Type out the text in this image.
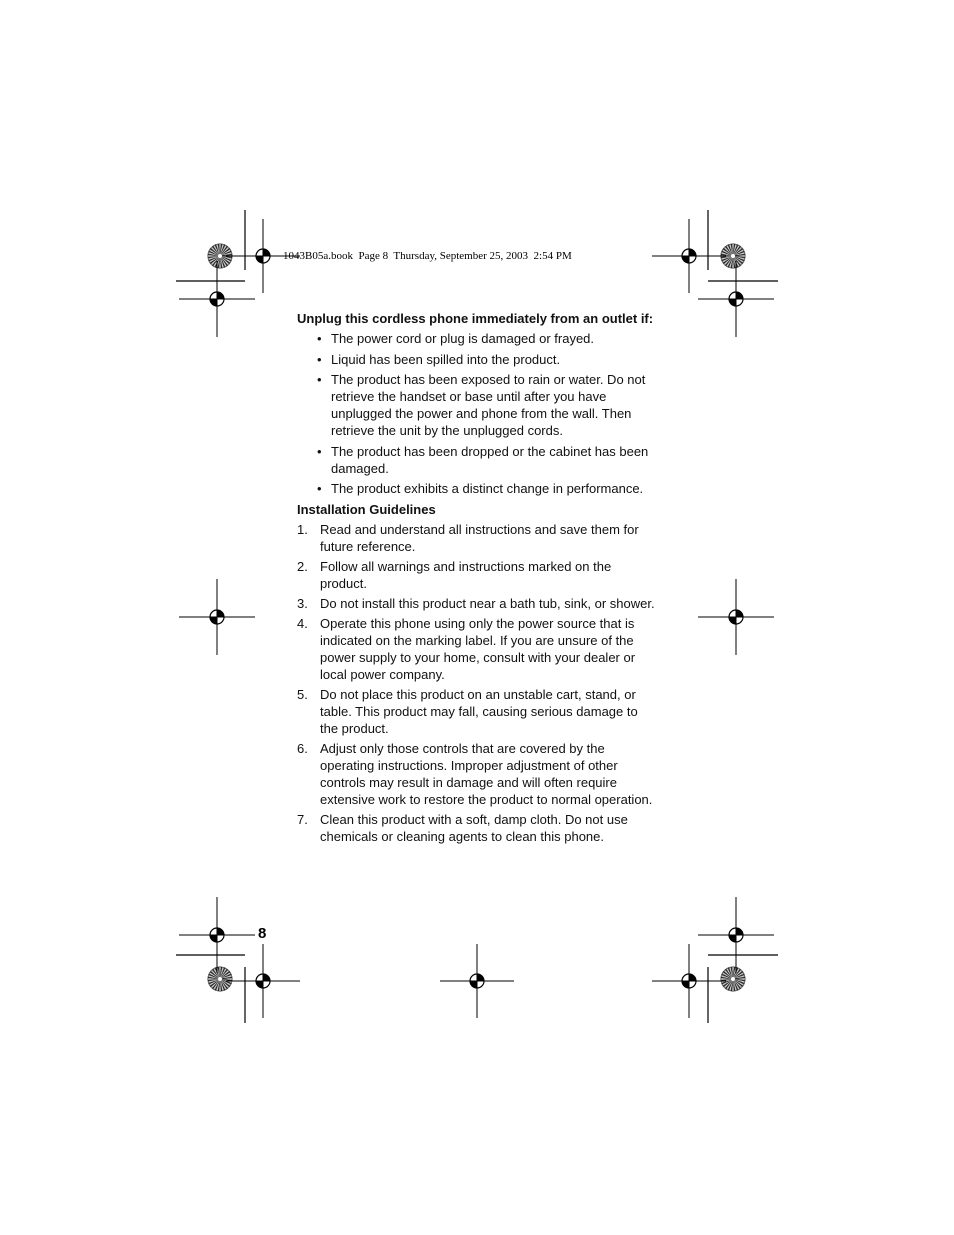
1043B05a.book  Page 8  Thursday, September 25, 2003  2:54 PM

Unplug this cordless phone immediately from an outlet if:

• The power cord or plug is damaged or frayed.
• Liquid has been spilled into the product.
• The product has been exposed to rain or water. Do not retrieve the handset or base until after you have unplugged the power and phone from the wall. Then retrieve the unit by the unplugged cords.
• The product has been dropped or the cabinet has been damaged.
• The product exhibits a distinct change in performance.

Installation Guidelines

1. Read and understand all instructions and save them for future reference.
2. Follow all warnings and instructions marked on the product.
3. Do not install this product near a bath tub, sink, or shower.
4. Operate this phone using only the power source that is indicated on the marking label. If you are unsure of the power supply to your home, consult with your dealer or local power company.
5. Do not place this product on an unstable cart, stand, or table. This product may fall, causing serious damage to the product.
6. Adjust only those controls that are covered by the operating instructions. Improper adjustment of other controls may result in damage and will often require extensive work to restore the product to normal operation.
7. Clean this product with a soft, damp cloth. Do not use chemicals or cleaning agents to clean this phone.
8
